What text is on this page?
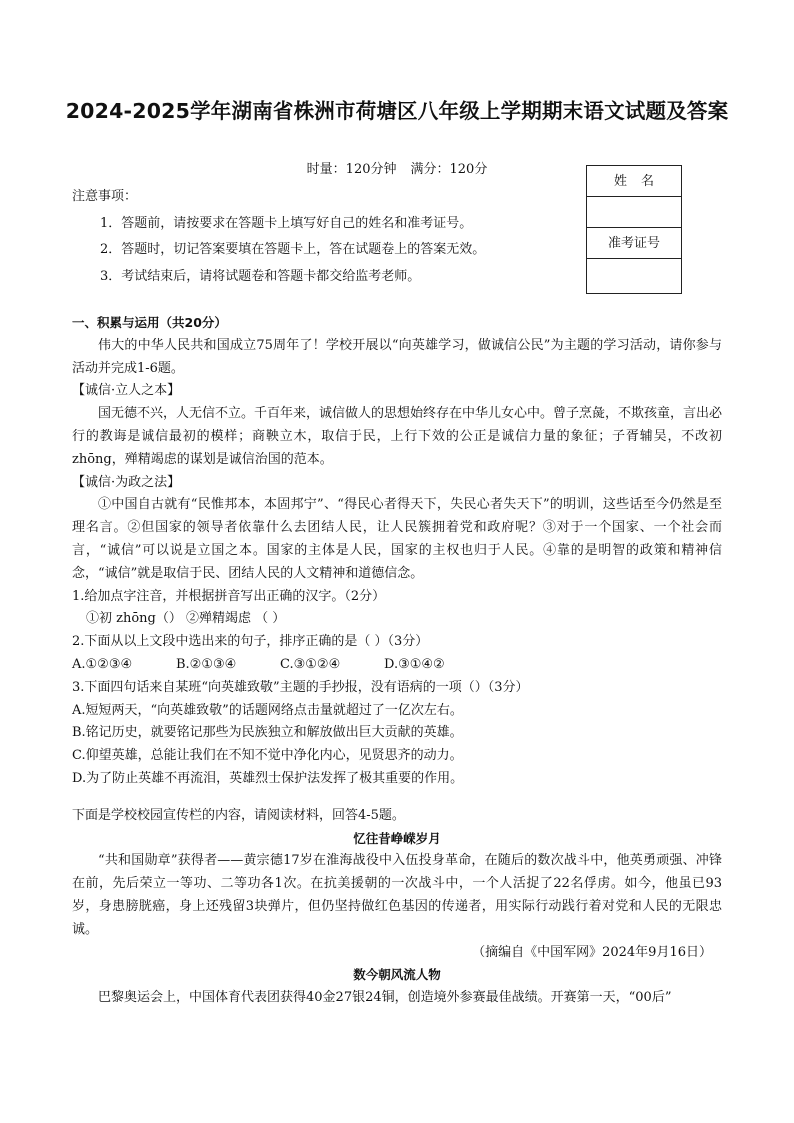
2024-2025学年湖南省株洲市荷塘区八年级上学期期末语文试题及答案
时量：120分钟 满分：120分
姓名
准考证号
注意事项：
1．答题前，请按要求在答题卡上填写好自己的姓名和准考证号。
2．答题时，切记答案要填在答题卡上，答在试题卷上的答案无效。
3．考试结束后，请将试题卷和答题卡都交给监考老师。

一、积累与运用（共20分）

伟大的中华人民共和国成立75周年了！学校开展以“向英雄学习，做诚信公民”为主题的学习活动，请你参与活动并完成1-6题。

【诚信·立人之本】

国无德不兴，人无信不立。千百年来，诚信做人的思想始终存在中华儿女心中。曾子烹彘，不欺孩童，言出必行的教诲是诚信最初的模样；商鞅立木，取信于民，上行下效的公正是诚信力量的象征；子胥辅吴，不改初zhōng，殚精竭虑的谋划是诚信治国的范本。

【诚信·为政之法】

①中国自古就有“民惟邦本，本固邦宁”、“得民心者得天下，失民心者失天下”的明训，这些话至今仍然是至理名言。②但国家的领导者依靠什么去团结人民，让人民簇拥着党和政府呢？③对于一个国家、一个社会而言，“诚信”可以说是立国之本。国家的主体是人民，国家的主权也归于人民。④靠的是明智的政策和精神信念，“诚信”就是取信于民、团结人民的人文精神和道德信念。

1.给加点字注音，并根据拼音写出正确的汉字。（2分）

①初 zhōng（） ②殚精竭虑 （ ）

2.下面从以上文段中选出来的句子，排序正确的是（ ）（3分）

A.①②③④	B.②①③④	C.③①②④	D.③①④②

3.下面四句话来自某班“向英雄致敬”主题的手抄报，没有语病的一项（）（3分）

A.短短两天，“向英雄致敬”的话题网络点击量就超过了一亿次左右。

B.铭记历史，就要铭记那些为民族独立和解放做出巨大贡献的英雄。

C.仰望英雄，总能让我们在不知不觉中净化内心，见贤思齐的动力。

D.为了防止英雄不再流泪，英雄烈士保护法发挥了极其重要的作用。

下面是学校校园宣传栏的内容，请阅读材料，回答4-5题。

忆往昔峥嵘岁月

“共和国勋章”获得者——黄宗德17岁在淮海战役中入伍投身革命，在随后的数次战斗中，他英勇顽强、冲锋在前，先后荣立一等功、二等功各1次。在抗美援朝的一次战斗中，一个人活捉了22名俘虏。如今，他虽已93岁，身患膀胱癌，身上还残留3块弹片，但仍坚持做红色基因的传递者，用实际行动践行着对党和人民的无限忠诚。

（摘编自《中国军网》2024年9月16日）

数今朝风流人物

巴黎奥运会上，中国体育代表团获得40金27银24铜，创造境外参赛最佳战绩。开赛第一天，“00后”
